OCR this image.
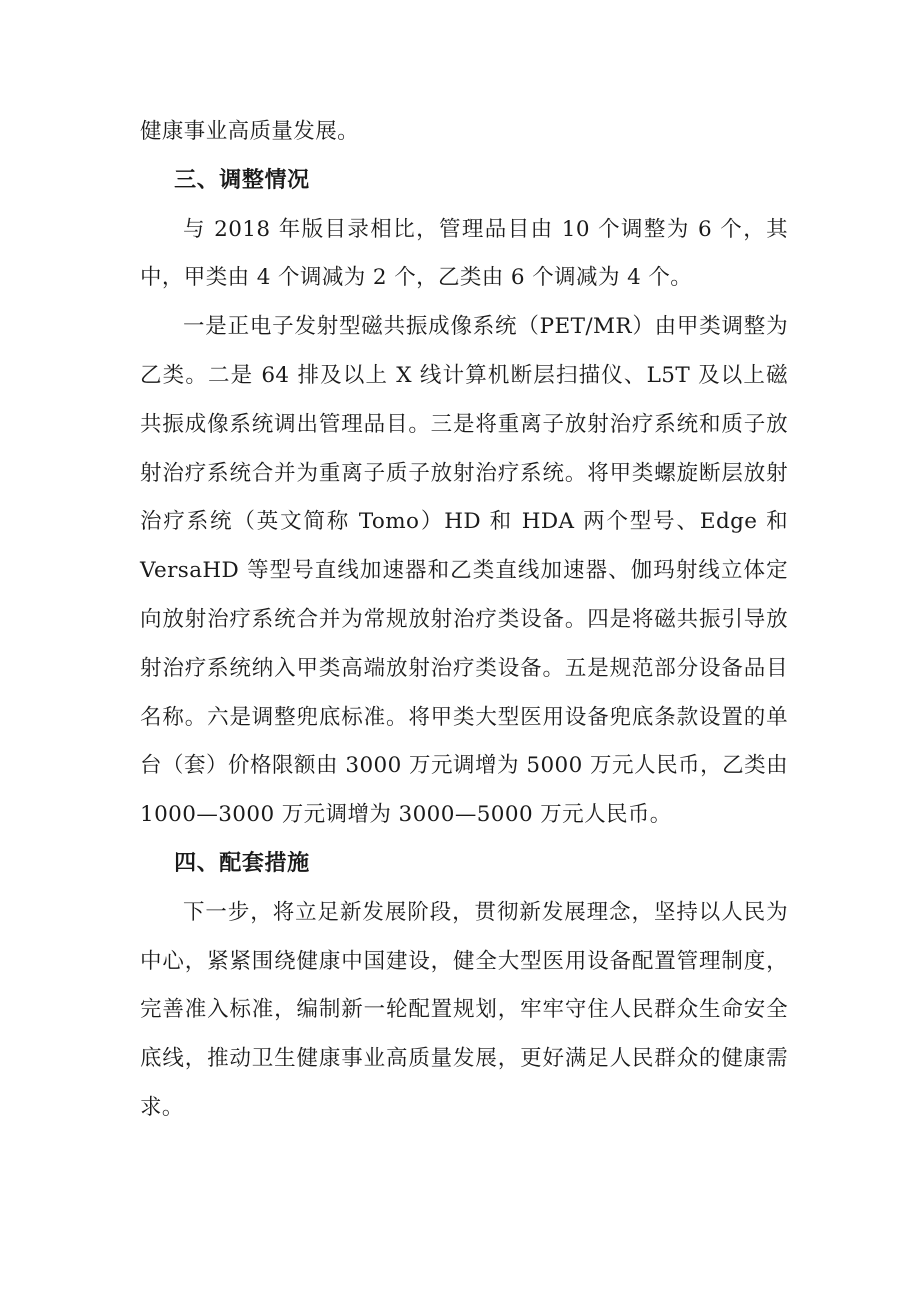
健康事业高质量发展。

三、调整情况

与 2018 年版目录相比，管理品目由 10 个调整为 6 个，其中，甲类由 4 个调减为 2 个，乙类由 6 个调减为 4 个。

一是正电子发射型磁共振成像系统（PET/MR）由甲类调整为乙类。二是 64 排及以上 X 线计算机断层扫描仪、L5T 及以上磁共振成像系统调出管理品目。三是将重离子放射治疗系统和质子放射治疗系统合并为重离子质子放射治疗系统。将甲类螺旋断层放射治疗系统（英文简称 Tomo）HD 和 HDA 两个型号、Edge 和 VersaHD 等型号直线加速器和乙类直线加速器、伽玛射线立体定向放射治疗系统合并为常规放射治疗类设备。四是将磁共振引导放射治疗系统纳入甲类高端放射治疗类设备。五是规范部分设备品目名称。六是调整兜底标准。将甲类大型医用设备兜底条款设置的单台（套）价格限额由 3000 万元调增为 5000 万元人民币，乙类由 1000—3000 万元调增为 3000—5000 万元人民币。

四、配套措施

下一步，将立足新发展阶段，贯彻新发展理念，坚持以人民为中心，紧紧围绕健康中国建设，健全大型医用设备配置管理制度，完善准入标准，编制新一轮配置规划，牢牢守住人民群众生命安全底线，推动卫生健康事业高质量发展，更好满足人民群众的健康需求。
